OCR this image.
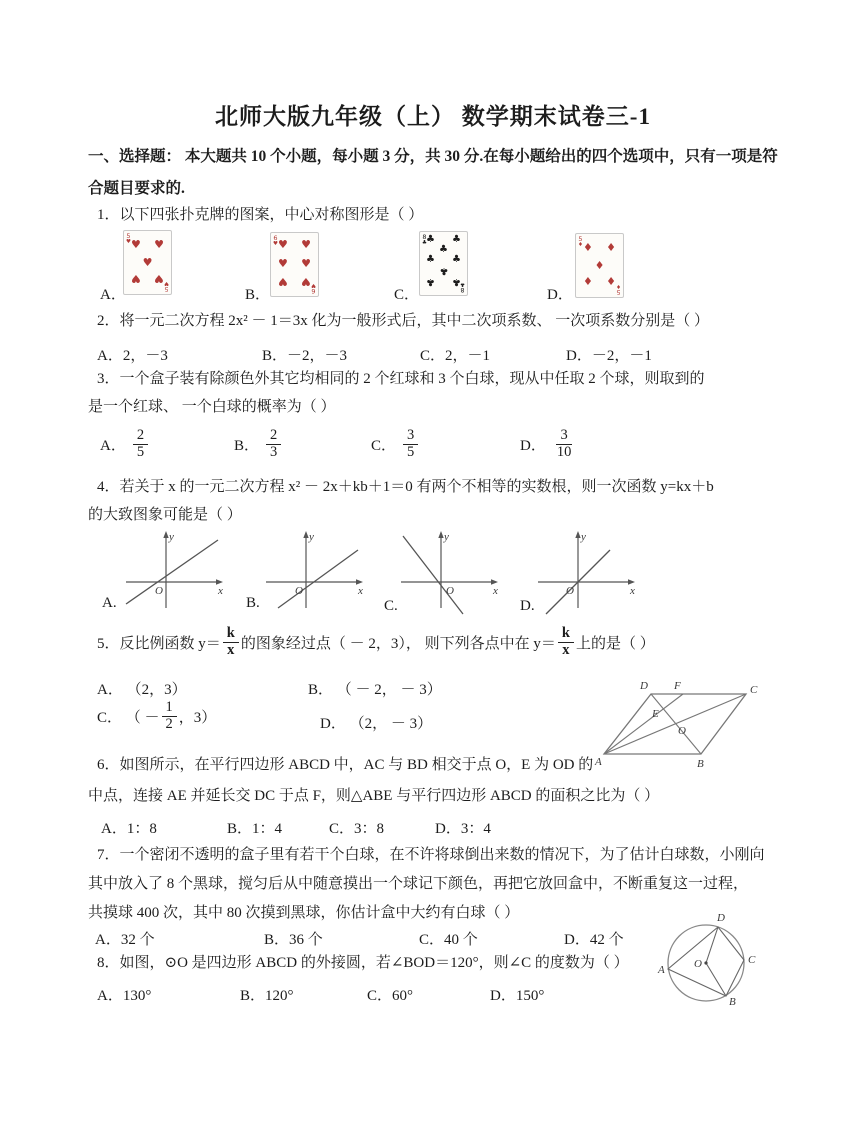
北师大版九年级（上） 数学期末试卷三-1
一、选择题： 本大题共 10 个小题，每小题 3 分，共 30 分.在每小题给出的四个选项中，只有一项是符
合题目要求的.
1．以下四张扑克牌的图案，中心对称图形是（ ）
5
♥
5
♥
♥ ♥
♥
♥ ♥
6
♥
6
♥
♥ ♥
♥ ♥
♥ ♥
8
♣
8
♣
♣ ♣
♣
♣ ♣
♣
♣ ♣
5
♦
5
♦
♦ ♦
♦
♦ ♦
A．	B．	C．	D．
2．将一元二次方程 2x² － 1＝3x 化为一般形式后，其中二次项系数、 一次项系数分别是（ ）
A．2，－3	B．－2，－3	C．2，－1	D．－2，－1
3．一个盒子装有除颜色外其它均相同的 2 个红球和 3 个白球，现从中任取 2 个球，则取到的
是一个红球、 一个白球的概率为（ ）
A． $\frac{2}{5}$	B． $\frac{2}{3}$	C． $\frac{3}{5}$	D． $\frac{3}{10}$
4．若关于 x 的一元二次方程 x² － 2x＋kb＋1＝0 有两个不相等的实数根，则一次函数 y=kx＋b
的大致图象可能是（ ）
y
x
O
y
x
O
y
x
O
y
x
O
A.	B.	C.	D.
5．反比例函数 $y= \frac{k}{x}$ 的图象经过点（ － 2，3）， 则下列各点中在 $y= \frac{k}{x}$ 上的是（ ）
A． （2，3）	B． （ － 2， － 3）
C． （ － $\frac{1}{2}$ ，3）	D． （2， － 3）
A	B
C
D F
E
O
6．如图所示，在平行四边形 ABCD 中，AC 与 BD 相交于点 O，E 为 OD 的
中点，连接 AE 并延长交 DC 于点 F，则△ABE 与平行四边形 ABCD 的面积之比为（ ）
A．1：8	B．1：4	C．3：8	D．3：4
7．一个密闭不透明的盒子里有若干个白球，在不许将球倒出来数的情况下，为了估计白球数，小刚向
其中放入了 8 个黑球，搅匀后从中随意摸出一个球记下颜色，再把它放回盒中，不断重复这一过程，
共摸球 400 次，其中 80 次摸到黑球，你估计盒中大约有白球（ ）
A．32 个	B．36 个	C．40 个	D．42 个
A
B
C
D
O
8．如图，⊙O 是四边形 ABCD 的外接圆，若∠BOD＝120°，则∠C 的度数为（ ）
A．130°	B．120°	C．60°	D．150°
